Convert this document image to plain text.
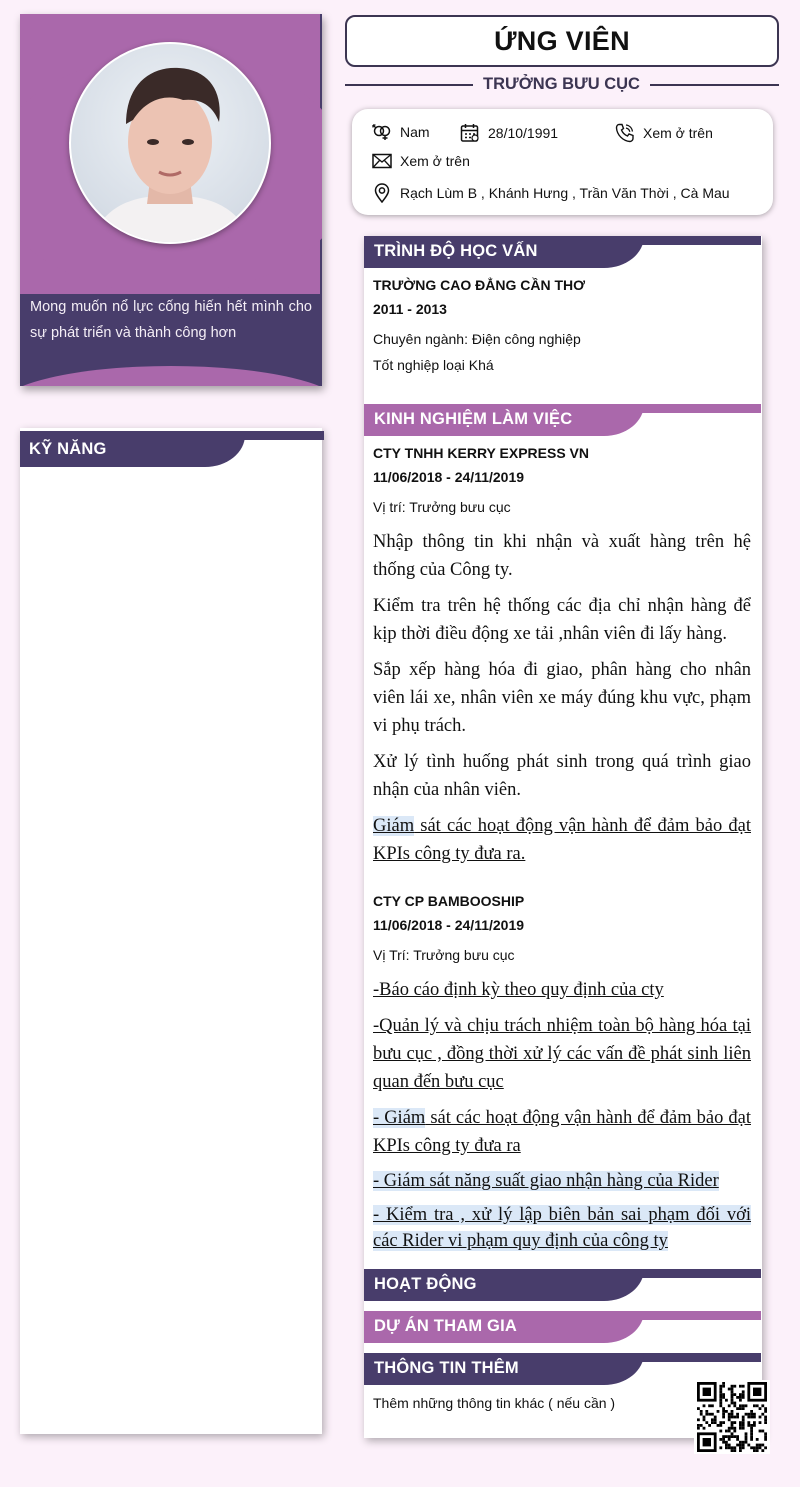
Mong muốn nổ lực cống hiến hết mình cho sự phát triển và thành công hơn
KỸ NĂNG
ỨNG VIÊN
TRƯỞNG BƯU CỤC
Nam	28/10/1991	Xem ở trên
Xem ở trên
Rạch Lùm B , Khánh Hưng , Trần Văn Thời , Cà Mau
TRÌNH ĐỘ HỌC VẤN
TRƯỜNG CAO ĐẲNG CẦN THƠ
2011 - 2013
Chuyên ngành: Điện công nghiệp
Tốt nghiệp loại Khá
KINH NGHIỆM LÀM VIỆC
CTY TNHH KERRY EXPRESS VN
11/06/2018 - 24/11/2019
Vị trí: Trưởng bưu cục
Nhập thông tin khi nhận và xuất hàng trên hệ thống của Công ty.
Kiểm tra trên hệ thống các địa chỉ nhận hàng để kịp thời điều động xe tải ,nhân viên đi lấy hàng.
Sắp xếp hàng hóa đi giao, phân hàng cho nhân viên lái xe, nhân viên xe máy đúng khu vực, phạm vi phụ trách.
Xử lý tình huống phát sinh trong quá trình giao nhận của nhân viên.
Giám sát các hoạt động vận hành để đảm bảo đạt KPIs công ty đưa ra.
CTY CP BAMBOOSHIP
11/06/2018 - 24/11/2019
Vị Trí: Trưởng bưu cục
-Báo cáo định kỳ theo quy định của cty
-Quản lý và chịu trách nhiệm toàn bộ hàng hóa tại bưu cục , đồng thời xử lý các vấn đề phát sinh liên quan đến bưu cục
- Giám sát các hoạt động vận hành để đảm bảo đạt KPIs công ty đưa ra
- Giám sát năng suất giao nhận hàng của Rider
- Kiểm tra , xử lý lập biên bản sai phạm đối với các Rider vi phạm quy định của công ty
HOẠT ĐỘNG
DỰ ÁN THAM GIA
THÔNG TIN THÊM
Thêm những thông tin khác ( nếu cần )
